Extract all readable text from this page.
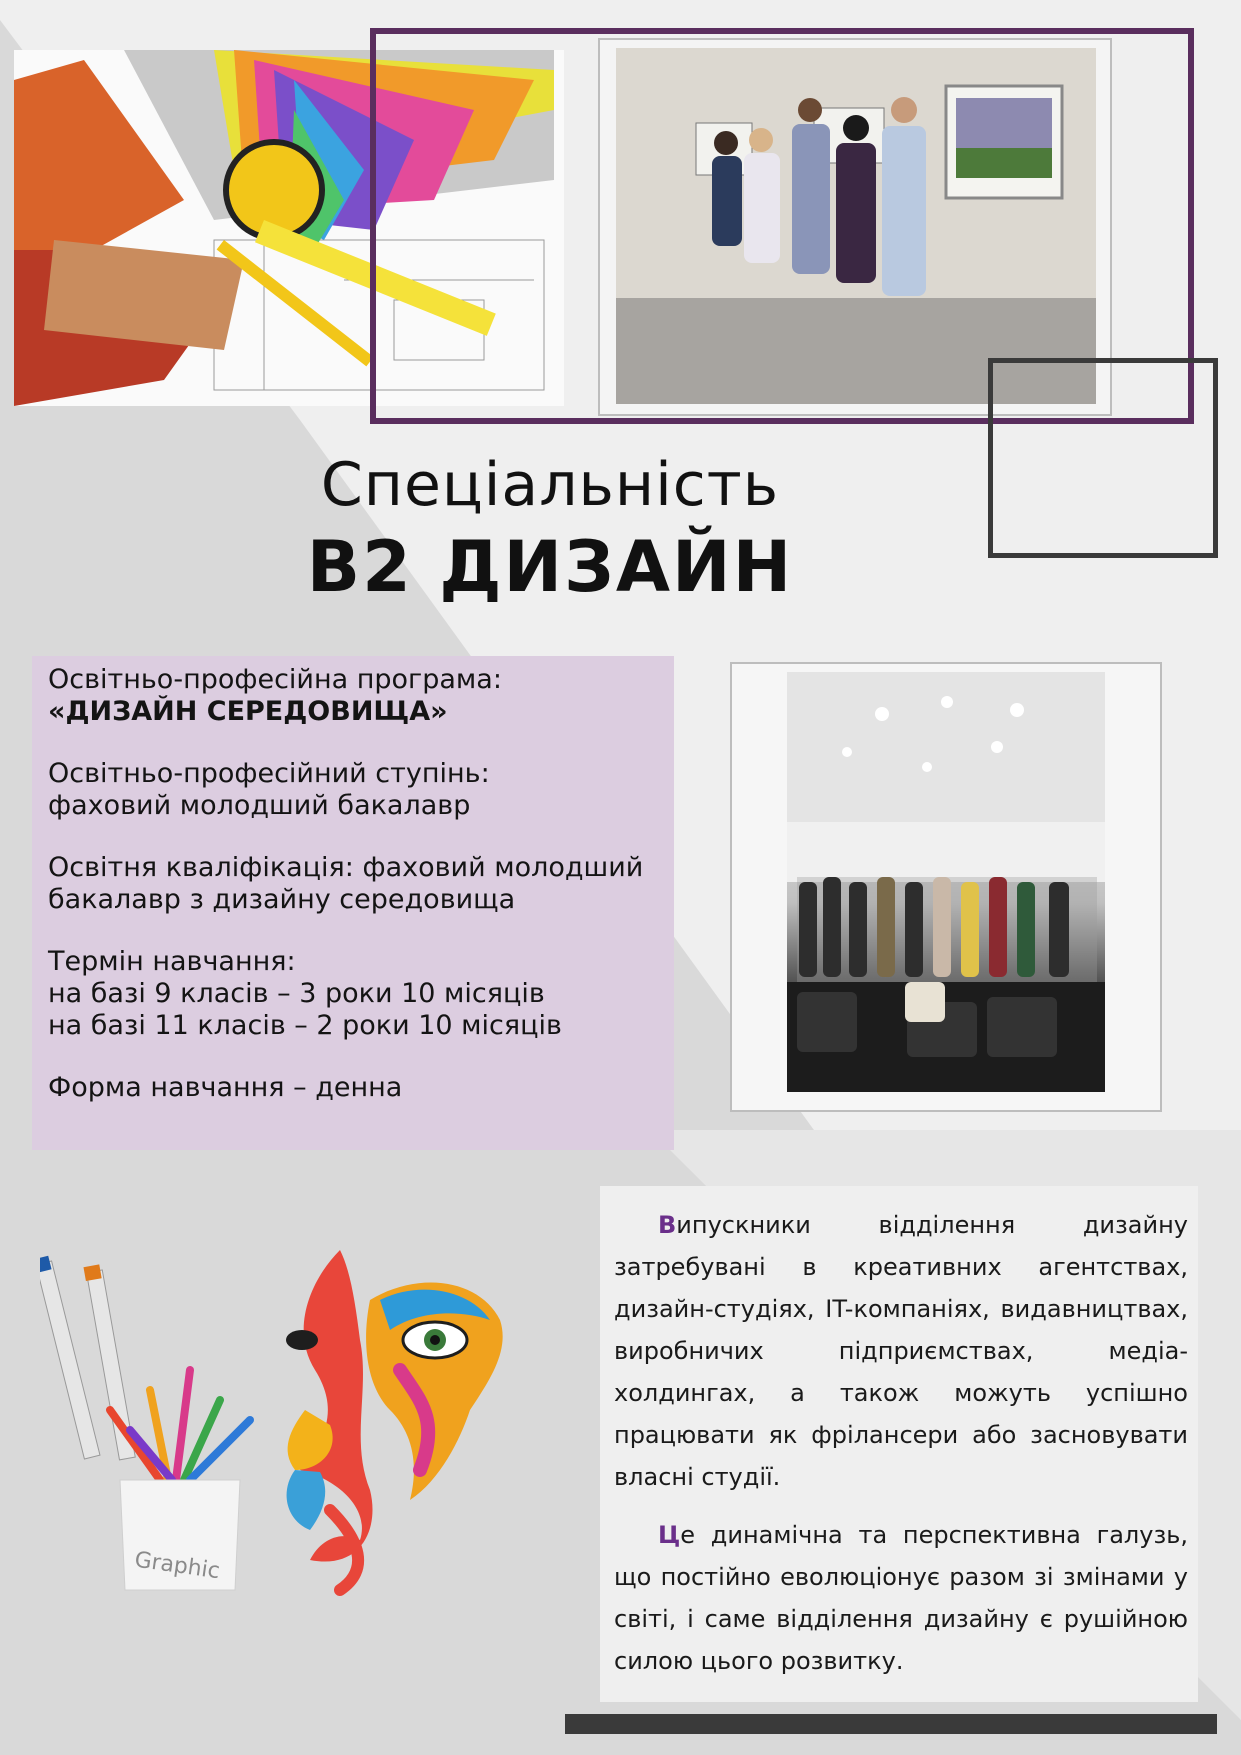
Спеціальність
B2 ДИЗАЙН

Освітньо-професійна програма:
«ДИЗАЙН СЕРЕДОВИЩА»

Освітньо-професійний ступінь:
фаховий молодший бакалавр

Освітня кваліфікація: фаховий молодший
бакалавр з дизайну середовища

Термін навчання:
на базі 9 класів – 3 роки 10 місяців
на базі 11 класів – 2 роки 10 місяців

Форма навчання – денна

Graphic

Випускники відділення дизайну затребувані в креативних агентствах, дизайн-студіях, IT-компаніях, видавництвах, виробничих підприємствах, медіа-холдингах, а також можуть успішно працювати як фрілансери або засновувати власні студії.

Це динамічна та перспективна галузь, що постійно еволюціонує разом зі змінами у світі, і саме відділення дизайну є рушійною силою цього розвитку.
